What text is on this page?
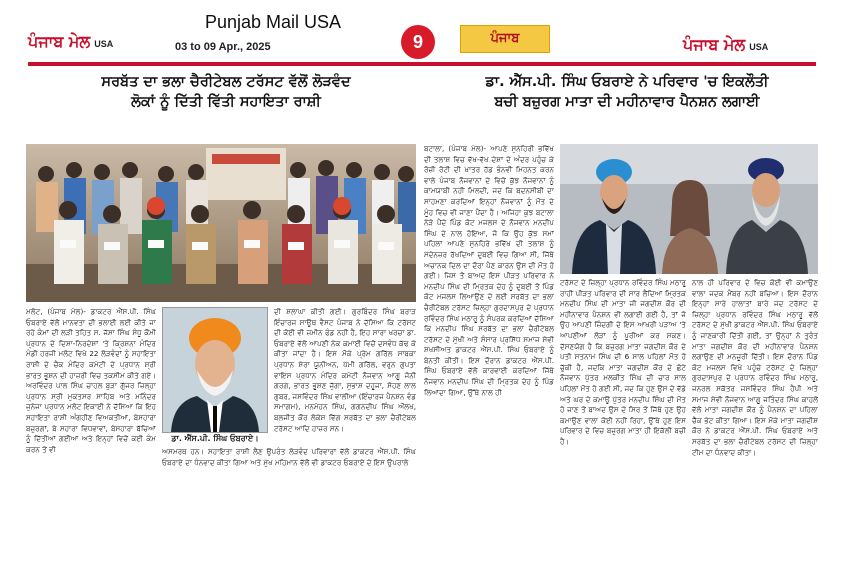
Punjab Mail USA
ਪੰਜਾਬ ਮੇਲ USA	03 to 09 Apr., 2025	9	ਪੰਜਾਬ	ਪੰਜਾਬ ਮੇਲ USA
ਸਰਬੱਤ ਦਾ ਭਲਾ ਚੈਰੀਟੇਬਲ ਟਰੱਸਟ ਵੱਲੋਂ ਲੋੜਵੰਦ
ਲੋਕਾਂ ਨੂੰ ਦਿੱਤੀ ਵਿੱਤੀ ਸਹਾਇਤਾ ਰਾਸ਼ੀ
ਡਾ. ਐੱਸ.ਪੀ. ਸਿੰਘ ਓਬਰਾਏ ਨੇ ਪਰਿਵਾਰ 'ਚ ਇਕਲੌਤੀ
ਬਚੀ ਬਜ਼ੁਰਗ ਮਾਤਾ ਦੀ ਮਹੀਨਾਵਾਰ ਪੈਨਸ਼ਨ ਲਗਾਈ

ਮਲੋਟ, (ਪੰਜਾਬ ਮੇਲ)- ਡਾਕਟਰ ਐੱਸ.ਪੀ. ਸਿੰਘ ਓਬਰਾਏ ਵੱਲੋਂ ਮਾਨਵਤਾ ਦੀ ਭਲਾਈ ਲਈ ਕੀਤੇ ਜਾ ਰਹੇ ਕੰਮਾਂ ਦੀ ਲੜੀ ਤਹਿਤ ਸ. ਜੱਸਾ ਸਿੰਘ ਸੰਧੂ ਕੌਮੀ ਪ੍ਰਧਾਨ ਦੇ ਦਿਸ਼ਾ-ਨਿਰਦੇਸ਼ਾਂ 'ਤੇ ਕ੍ਰਿਸ਼ਨਾ ਮੰਦਿਰ ਮੰਡੀ ਹਰਜੀ ਮਲੋਟ ਵਿਖੇ 22 ਲੋੜਵੰਦਾਂ ਨੂੰ ਸਹਾਇਤਾ ਰਾਸ਼ੀ ਦੇ ਚੈਕ ਮੰਦਿਰ ਕਮੇਟੀ ਦੇ ਪ੍ਰਧਾਨ ਸ਼੍ਰੀ ਭਾਰਤ ਭੂਸ਼ਨ ਦੀ ਹਾਜ਼ਰੀ ਵਿਚ ਤਕਸੀਮ ਕੀਤੇ ਗਏ। ਅਰਵਿੰਦਰ ਪਾਲ ਸਿੰਘ ਚਾਹਲ ਬੁੜਾ ਗੁੱਜਰ ਜ਼ਿਲ੍ਹਾ ਪ੍ਰਧਾਨ ਸ੍ਰੀ ਮੁਕਤਸਰ ਸਾਹਿਬ ਅਤੇ ਮਨਿੰਦਰ ਜੁਨੇਜਾ ਪ੍ਰਧਾਨ ਮਲੋਟ ਇਕਾਈ ਨੇ ਦੱਸਿਆ ਕਿ ਇਹ ਸਹਾਇਤਾ ਰਾਸ਼ੀ ਅੰਗਹੀਣ ਵਿਅਕਤੀਆਂ, ਬੇਸਹਾਰਾ ਬਜ਼ੁਰਗਾਂ, ਬੇ ਸਹਾਰਾ ਵਿਧਵਾਵਾਂ, ਬੇਸਹਾਰਾ ਬੱਚਿਆਂ ਨੂੰ ਦਿੱਤੀਆਂ ਗਈਆਂ ਅਤੇ ਇਨ੍ਹਾਂ ਵਿਚੋਂ ਕਈ ਕੰਮ ਕਰਨ ਤੋਂ ਵੀ

ਡਾ. ਐੱਸ.ਪੀ. ਸਿੰਘ ਓਬਰਾਏ।

ਦੀ ਸ਼ਲਾਘਾ ਕੀਤੀ ਗਈ। ਗੁਰਬਿੰਦਰ ਸਿੰਘ ਬਰਾੜ ਇੰਚਾਰਜ ਸਾਊਥ ਵੈਸਟ ਪੰਜਾਬ ਨੇ ਦੱਸਿਆ ਕਿ ਟਰੱਸਟ ਦੀ ਕੋਈ ਵੀ ਜ਼ਮੀਨ ਫੰਡ ਨਹੀਂ ਹੈ, ਇਹ ਸਾਰਾ ਖਰਚਾ ਡਾ. ਓਬਰਾਏ ਵੱਲੋਂ ਆਪਣੀ ਨੇਕ ਕਮਾਈ ਵਿਚੋਂ ਦਸਵੰਧ ਕੱਢ ਕੇ ਕੀਤਾ ਜਾਂਦਾ ਹੈ। ਇਸ ਮੌਕੇ ਪ੍ਰੇਮ ਗਰਿੱਲ ਸਾਬਕਾ ਪ੍ਰਧਾਨ ਸ਼ੇਰਾ ਯੂਨੀਅਨ, ਪੱਮੀ ਗਰਿੱਲ, ਵਰੁਨ ਗੁਪਤਾ ਵਾਇਸ ਪ੍ਰਧਾਨ ਮੰਦਿਰ ਕਮੇਟੀ ਨੌਜਵਾਨ ਆਗੂ ਜੋਨੀ ਗਰਗ, ਭਾਰਤ ਭੂਸ਼ਣ ਜੁੱਗਾ, ਸੁਭਾਸ਼ ਦਹੂਜਾ, ਸੋਹਣ ਲਾਲ ਗੁਬਰ, ਜਸਵਿੰਦਰ ਸਿੰਘ ਵਾਲੀਆ (ਇੰਚਾਰਜ ਪੈਨਸ਼ਨ ਵੰਡ ਸਮਾਗਮ), ਮਨਮੋਹਨ ਸਿੰਘ, ਗਗਨਦੀਪ ਸਿੰਘ ਔਲਖ, ਬਲਜੀਤ ਕੌਰ ਲੋਕੇਸ਼ ਵਿੱਗ ਸਰਬੱਤ ਦਾ ਭਲਾ ਚੈਰੀਟੇਬਲ ਟਰੱਸਟ ਆਦਿ ਹਾਜ਼ਰ ਸਨ।

ਅਸਮਰਥ ਹਨ। ਸਹਾਇਤਾ ਰਾਸ਼ੀ ਲੈਣ ਉਪਰੰਤ ਲੋੜਵੰਦ ਪਰਿਵਾਰਾਂ ਵੱਲੋਂ ਡਾਕਟਰ ਐੱਸ.ਪੀ. ਸਿੰਘ ਓਬਰਾਏ ਦਾ ਧੰਨਵਾਦ ਕੀਤਾ ਗਿਆ ਅਤੇ ਮੁੱਖ ਮਹਿਮਾਨ ਵੱਲੋਂ ਵੀ ਡਾਕਟਰ ਓਬਰਾਏ ਦੇ ਇਸ ਉਪਰਾਲੇ

ਬਟਾਲਾ, (ਪੰਜਾਬ ਮੇਲ)- ਆਪਣੇ ਸੁਨਹਿਰੀ ਭਵਿੱਖ ਦੀ ਤਲਾਸ਼ ਵਿਚ ਵੱਖ-ਵੱਖ ਦੇਸ਼ਾਂ ਦੇ ਅੰਦਰ ਪਹੁੰਚ ਕੇ ਰੋਜ਼ੀ ਰੋਟੀ ਦੀ ਖ਼ਾਤਰ ਹੱਡ ਭੰਨਵੀਂ ਮਿਹਨਤ ਕਰਨ ਵਾਲੇ ਪੰਜਾਬ ਨੌਜਵਾਨਾਂ ਦੇ ਵਿਚੋਂ ਕੁੱਝ ਨੌਜਵਾਨਾਂ ਨੂੰ ਕਾਮਯਾਬੀ ਨਹੀਂ ਮਿਲਦੀ, ਜਦ ਕਿ ਬਦਨਸੀਬੀ ਦਾ ਸਾਹਮਣਾ ਕਰਦਿਆਂ ਇਨ੍ਹਾਂ ਨੌਜਵਾਨਾਂ ਨੂੰ ਮੌਤ ਦੇ ਮੂੰਹ ਵਿਚ ਵੀ ਜਾਣਾ ਪੈਂਦਾ ਹੈ। ਅਜਿਹਾ ਕੁਝ ਬਟਾਲਾ ਨੇੜੇ ਪੈਂਦੇ ਪਿੰਡ ਕੋਟ ਮਜਲਸ ਦੇ ਨੌਜਵਾਨ ਮਨਦੀਪ ਸਿੰਘ ਦੇ ਨਾਲ ਹੋਇਆ, ਜੋ ਕਿ ਉਹ ਕੁੱਝ ਸਮਾਂ ਪਹਿਲਾਂ ਆਪਣੇ ਸੁਨਹਿਰੇ ਭਵਿੱਖ ਦੀ ਤਲਾਸ਼ ਨੂੰ ਮੱਦੇਨਜ਼ਰ ਰੱਖਦਿਆਂ ਦੁਬਈ ਵਿਚ ਗਿਆ ਸੀ, ਜਿੱਥੇ ਅਚਾਨਕ ਦਿਲ ਦਾ ਦੌਰਾ ਪੈਣ ਕਾਰਨ ਉਸ ਦੀ ਮੌਤ ਹੋ ਗਈ। ਜਿਸ ਤੋਂ ਬਾਅਦ ਇਸ ਪੀੜਤ ਪਰਿਵਾਰ ਨੇ ਮਨਦੀਪ ਸਿੰਘ ਦੀ ਮ੍ਰਿਤਕ ਦੇਹ ਨੂੰ ਦੁਬਈ ਤੋਂ ਪਿੰਡ ਕੋਟ ਮਜਲਸ ਲਿਆਉਣ ਦੇ ਲਈ ਸਰਬੱਤ ਦਾ ਭਲਾ ਚੈਰੀਟੇਬਲ ਟਰੱਸਟ ਜ਼ਿਲ੍ਹਾ ਗੁਰਦਾਸਪੁਰ ਦੇ ਪ੍ਰਧਾਨ ਰਵਿੰਦਰ ਸਿੰਘ ਮਠਾਰੂ ਨੂੰ ਸੰਪਰਕ ਕਰਦਿਆਂ ਦੱਸਿਆ ਕਿ ਮਨਦੀਪ ਸਿੰਘ ਸਰਬੱਤ ਦਾ ਭਲਾ ਚੈਰੀਟੇਬਲ ਟਰੱਸਟ ਦੇ ਮੁੱਖੀ ਅਤੇ ਸੰਸਾਰ ਪ੍ਰਸਿੱਧ ਸਮਾਜ ਸੇਵੀ ਸ਼ਖਸੀਅਤ ਡਾਕਟਰ ਐੱਸ.ਪੀ. ਸਿੰਘ ਓਬਰਾਏ ਨੂੰ ਬੇਨਤੀ ਕੀਤੀ। ਇਸ ਦੌਰਾਨ ਡਾਕਟਰ ਐੱਸ.ਪੀ. ਸਿੰਘ ਓਬਰਾਏ ਵੱਲੋਂ ਕਾਰਵਾਈ ਕਰਦਿਆਂ ਜਿੱਥੇ ਨੌਜਵਾਨ ਮਨਦੀਪ ਸਿੰਘ ਦੀ ਮ੍ਰਿਤਕ ਦੇਹ ਨੂੰ ਪਿੰਡ ਲਿਆਂਦਾ ਗਿਆ, ਉੱਥੇ ਨਾਲ ਹੀ

ਟਰੱਸਟ ਦੇ ਜ਼ਿਲ੍ਹਾ ਪ੍ਰਧਾਨ ਰਵਿੰਦਰ ਸਿੰਘ ਮਠਾਰੂ ਰਾਹੀਂ ਪੀੜਤ ਪਰਿਵਾਰ ਦੀ ਸਾਰ ਲੈਂਦਿਆਂ ਮ੍ਰਿਤਕ ਮਨਦੀਪ ਸਿੰਘ ਦੀ ਮਾਤਾ ਜੀ ਜਗਦੀਸ਼ ਕੌਰ ਦੀ ਮਹੀਨਾਵਾਰ ਪੈਨਸ਼ਨ ਵੀ ਲਗਾਈ ਗਈ ਹੈ, ਤਾਂ ਜੋ ਉਹ ਆਪਣੀ ਜ਼ਿੰਦਗੀ ਦੇ ਇਸ ਆਖਰੀ ਪੜਾਅ 'ਤੇ ਆਪਣੀਆਂ ਲੋੜਾਂ ਨੂੰ ਪੂਰੀਆਂ ਕਰ ਸਕਣ। ਦੱਸਣਯੋਗ ਹੈ ਕਿ ਬਜ਼ੁਰਗ ਮਾਤਾ ਜਗਦੀਸ਼ ਕੌਰ ਦੇ ਪਤੀ ਸਤਨਾਮ ਸਿੰਘ ਦੀ 6 ਸਾਲ ਪਹਿਲਾਂ ਮੌਤ ਹੋ ਚੁੱਕੀ ਹੈ, ਜਦਕਿ ਮਾਤਾ ਜਗਦੀਸ਼ ਕੌਰ ਦੇ ਛੋਟੇ ਨੌਜਵਾਨ ਪੁੱਤਰ ਮਲਕੀਤ ਸਿੰਘ ਦੀ ਚਾਰ ਸਾਲ ਪਹਿਲਾਂ ਮੌਤ ਹੋ ਗਈ ਸੀ, ਜਦ ਕਿ ਹੁਣ ਉਸ ਦੇ ਵੱਡੇ ਅਤੇ ਘਰ ਦੇ ਕਮਾਊ ਪੁੱਤਰ ਮਨਦੀਪ ਸਿੰਘ ਦੀ ਮੌਤ ਹੋ ਜਾਣ ਤੋਂ ਬਾਅਦ ਉਸ ਦੇ ਸਿਰ ਤੋਂ ਜਿੱਥੇ ਹੁਣ ਉਹ ਕਮਾਉਣ ਵਾਲਾ ਕੋਈ ਨਹੀਂ ਰਿਹਾ, ਉੱਥੇ ਹੁਣ ਇਸ ਪਰਿਵਾਰ ਦੇ ਵਿਚ ਬਜ਼ੁਰਗ ਮਾਤਾ ਹੀ ਇਕੱਲੀ ਬਚੀ ਹੈ।

ਨਾਲ ਹੀ ਪਰਿਵਾਰ ਦੇ ਵਿਚ ਕੋਈ ਵੀ ਕਮਾਉਣ ਵਾਲਾ ਜਦਕ ਮੈਂਬਰ ਨਹੀਂ ਬਚਿਆ। ਇਸ ਦੌਰਾਨ ਇਨ੍ਹਾਂ ਸਾਰੇ ਹਾਲਾਤਾਂ ਬਾਰੇ ਜਦ ਟਰੱਸਟ ਦੇ ਜ਼ਿਲ੍ਹਾ ਪ੍ਰਧਾਨ ਰਵਿੰਦਰ ਸਿੰਘ ਮਠਾਰੂ ਵੱਲੋਂ ਟਰੱਸਟ ਦੇ ਮੁੱਖੀ ਡਾਕਟਰ ਐੱਸ.ਪੀ. ਸਿੰਘ ਓਬਰਾਏ ਨੂੰ ਜਾਣਕਾਰੀ ਦਿੱਤੀ ਗਈ, ਤਾਂ ਉਨ੍ਹਾਂ ਨੇ ਤੁਰੰਤ ਮਾਤਾ ਜਗਦੀਸ਼ ਕੌਰ ਦੀ ਮਹੀਨਾਵਾਰ ਪੈਨਸ਼ਨ ਲਗਾਉਣ ਦੀ ਮਨਜ਼ੂਰੀ ਦਿੱਤੀ। ਇਸ ਦੌਰਾਨ ਪਿੰਡ ਕੋਟ ਮਜਲਸ ਵਿਖੇ ਪਹੁੰਚੇ ਟਰੱਸਟ ਦੇ ਜ਼ਿਲ੍ਹਾ ਗੁਰਦਾਸਪੁਰ ਦੇ ਪ੍ਰਧਾਨ ਰਵਿੰਦਰ ਸਿੰਘ ਮਠਾਰੂ, ਜਨਰਲ ਸਕੱਤਰ ਜਸਵਿੰਦਰ ਸਿੰਘ ਹੈਪੀ ਅਤੇ ਸਮਾਜ ਸੇਵੀ ਨੌਜਵਾਨ ਆਗੂ ਜਤਿੰਦਰ ਸਿੰਘ ਕਾਹਲੋਂ ਵੱਲੋਂ ਮਾਤਾ ਜਗਦੀਸ਼ ਕੌਰ ਨੂੰ ਪੈਨਸ਼ਨ ਦਾ ਪਹਿਲਾ ਚੈੱਕ ਭੇਟ ਕੀਤਾ ਗਿਆ। ਇਸ ਮੌਕੇ ਮਾਤਾ ਜਗਦੀਸ਼ ਕੌਰ ਨੇ ਡਾਕਟਰ ਐੱਸ.ਪੀ. ਸਿੰਘ ਓਬਰਾਏ ਅਤੇ ਸਰਬੱਤ ਦਾ ਭਲਾ ਚੈਰੀਟੇਬਲ ਟਰੱਸਟ ਦੀ ਜ਼ਿਲ੍ਹਾ ਟੀਮ ਦਾ ਧੰਨਵਾਦ ਕੀਤਾ।
